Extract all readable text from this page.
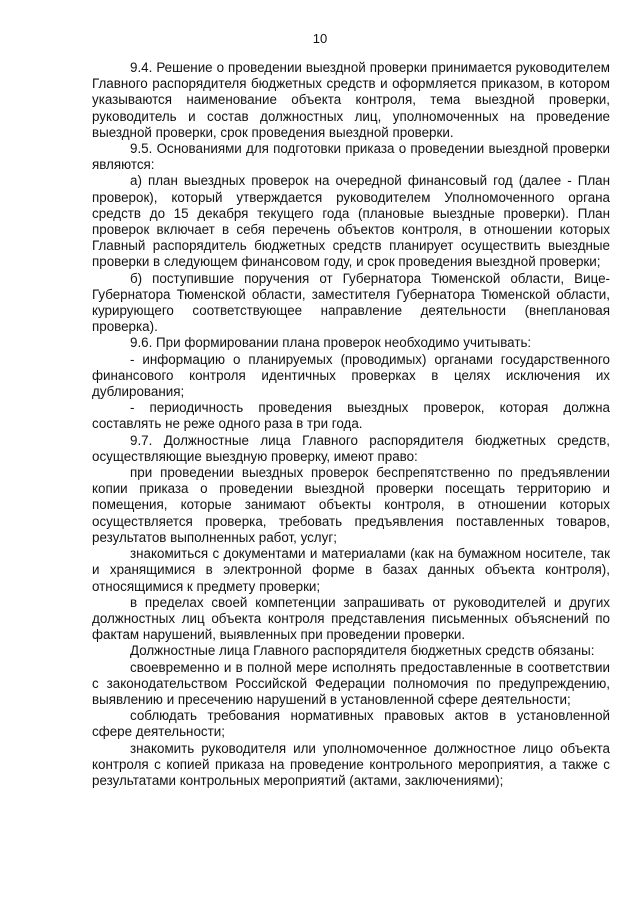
10

9.4. Решение о проведении выездной проверки принимается руководителем Главного распорядителя бюджетных средств и оформляется приказом, в котором указываются наименование объекта контроля, тема выездной проверки, руководитель и состав должностных лиц, уполномоченных на проведение выездной проверки, срок проведения выездной проверки.

9.5. Основаниями для подготовки приказа о проведении выездной проверки являются:

а) план выездных проверок на очередной финансовый год (далее - План проверок), который утверждается руководителем Уполномоченного органа средств до 15 декабря текущего года (плановые выездные проверки). План проверок включает в себя перечень объектов контроля, в отношении которых Главный распорядитель бюджетных средств планирует осуществить выездные проверки в следующем финансовом году, и срок проведения выездной проверки;

б) поступившие поручения от Губернатора Тюменской области, Вице-Губернатора Тюменской области, заместителя Губернатора Тюменской области, курирующего соответствующее направление деятельности (внеплановая проверка).

9.6. При формировании плана проверок необходимо учитывать:

- информацию о планируемых (проводимых) органами государственного финансового контроля идентичных проверках в целях исключения их дублирования;

- периодичность проведения выездных проверок, которая должна составлять не реже одного раза в три года.

9.7. Должностные лица Главного распорядителя бюджетных средств, осуществляющие выездную проверку, имеют право:

при проведении выездных проверок беспрепятственно по предъявлении копии приказа о проведении выездной проверки посещать территорию и помещения, которые занимают объекты контроля, в отношении которых осуществляется проверка, требовать предъявления поставленных товаров, результатов выполненных работ, услуг;

знакомиться с документами и материалами (как на бумажном носителе, так и хранящимися в электронной форме в базах данных объекта контроля), относящимися к предмету проверки;

в пределах своей компетенции запрашивать от руководителей и других должностных лиц объекта контроля представления письменных объяснений по фактам нарушений, выявленных при проведении проверки.

Должностные лица Главного распорядителя бюджетных средств обязаны:

своевременно и в полной мере исполнять предоставленные в соответствии с законодательством Российской Федерации полномочия по предупреждению, выявлению и пресечению нарушений в установленной сфере деятельности;

соблюдать требования нормативных правовых актов в установленной сфере деятельности;

знакомить руководителя или уполномоченное должностное лицо объекта контроля с копией приказа на проведение контрольного мероприятия, а также с результатами контрольных мероприятий (актами, заключениями);
